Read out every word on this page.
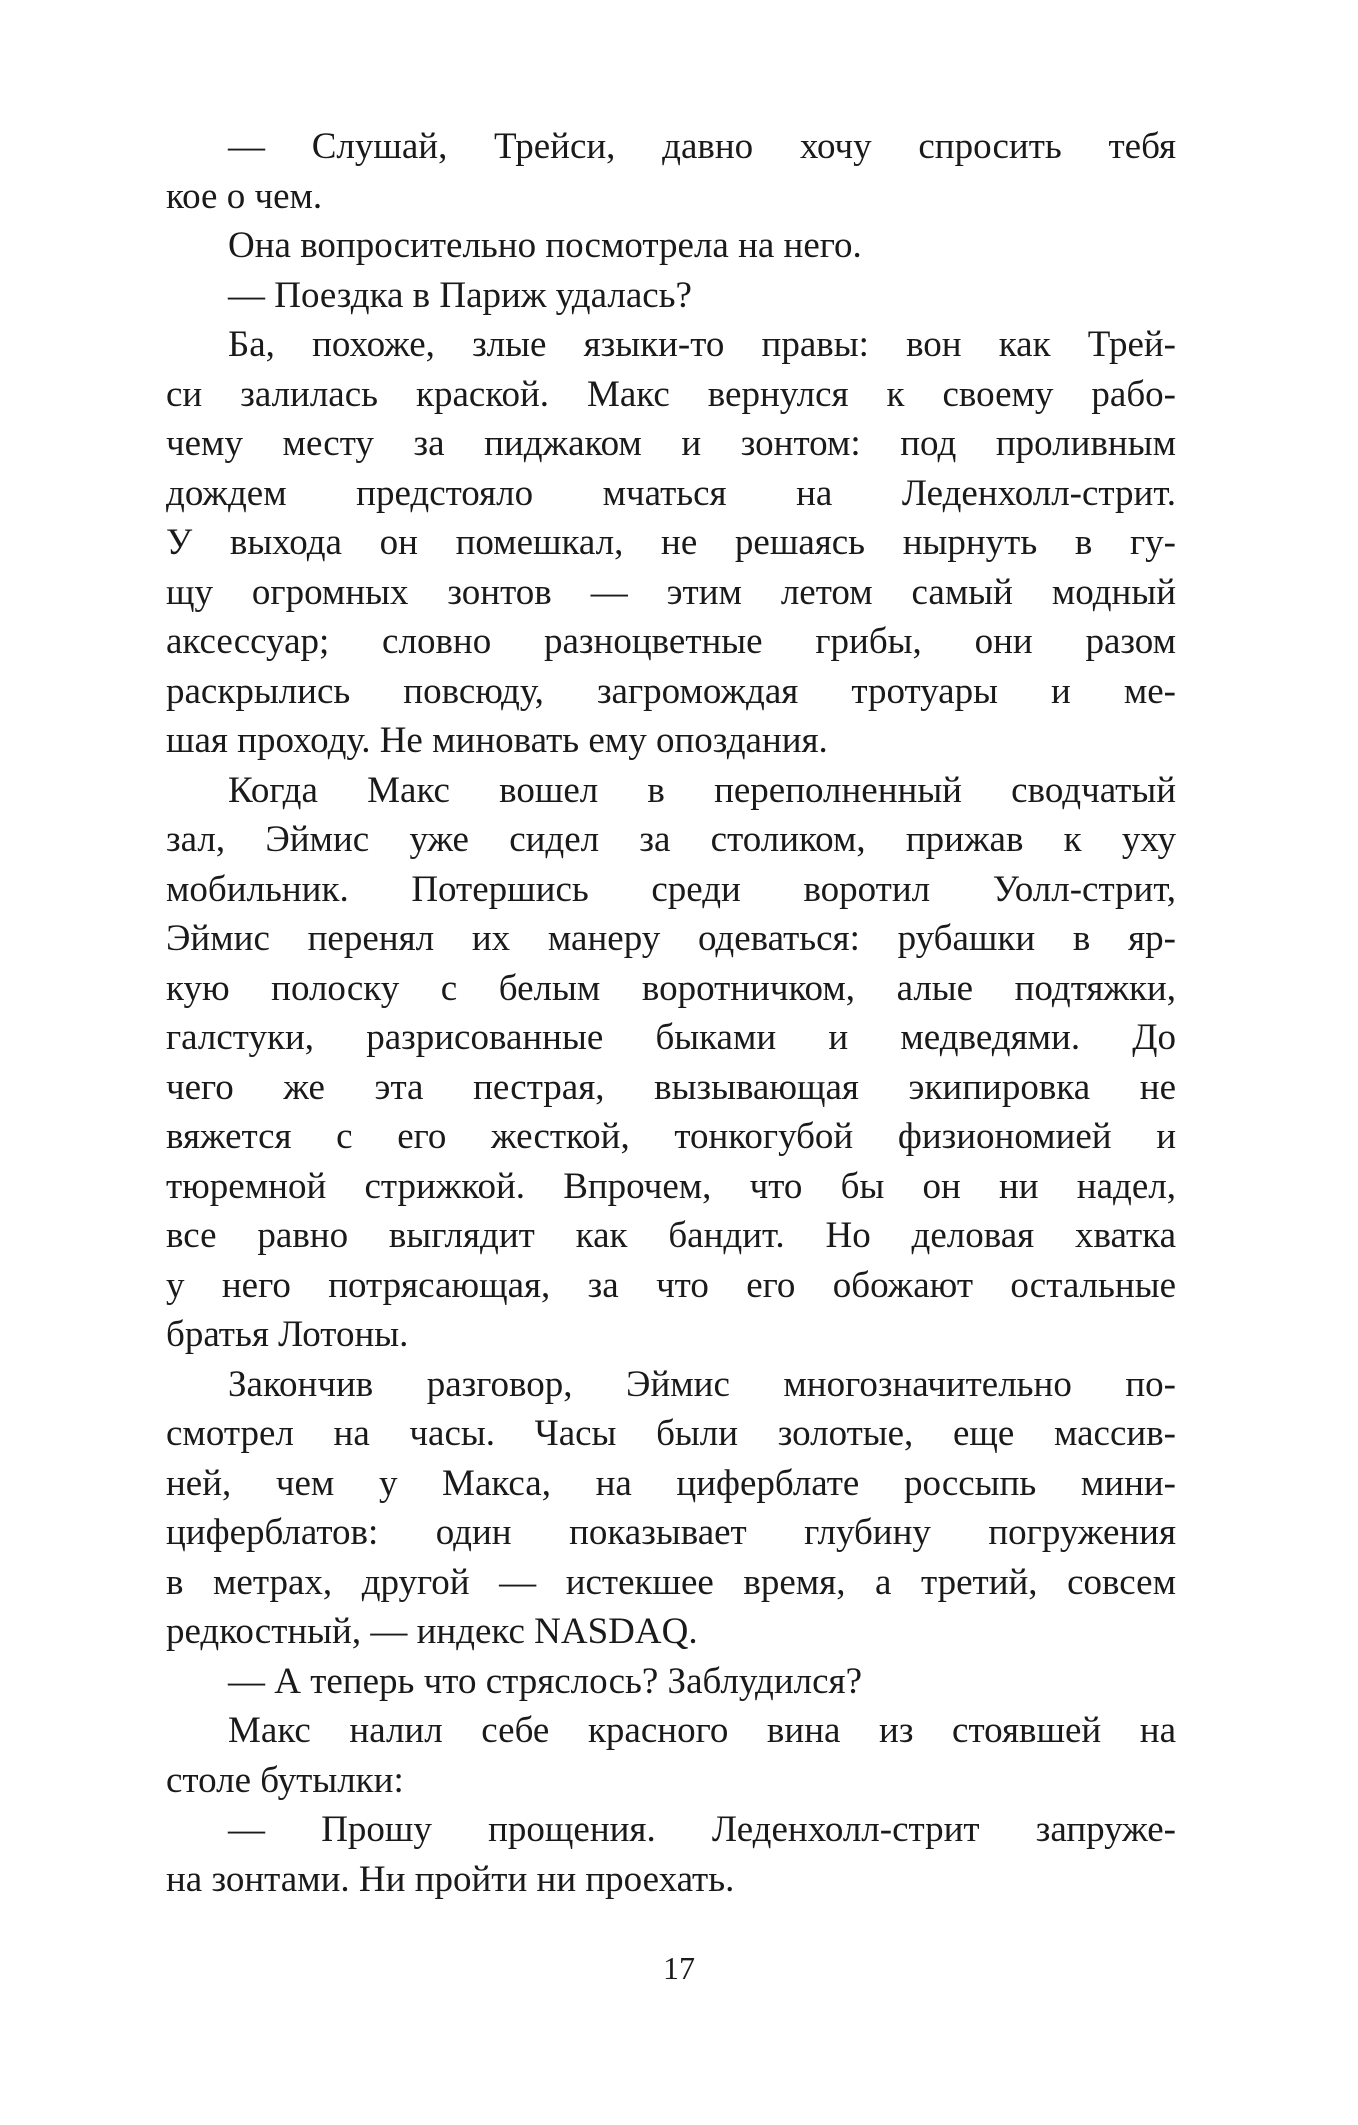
— Слушай, Трейси, давно хочу спросить тебя
кое о чем.
Она вопросительно посмотрела на него.
— Поездка в Париж удалась?
Ба, похоже, злые языки-то правы: вон как Трей-
си залилась краской. Макс вернулся к своему рабо-
чему месту за пиджаком и зонтом: под проливным
дождем предстояло мчаться на Леденхолл-стрит.
У выхода он помешкал, не решаясь нырнуть в гу-
щу огромных зонтов — этим летом самый модный
аксессуар; словно разноцветные грибы, они разом
раскрылись повсюду, загромождая тротуары и ме-
шая проходу. Не миновать ему опоздания.
Когда Макс вошел в переполненный сводчатый
зал, Эймис уже сидел за столиком, прижав к уху
мобильник. Потершись среди воротил Уолл-стрит,
Эймис перенял их манеру одеваться: рубашки в яр-
кую полоску с белым воротничком, алые подтяжки,
галстуки, разрисованные быками и медведями. До
чего же эта пестрая, вызывающая экипировка не
вяжется с его жесткой, тонкогубой физиономией и
тюремной стрижкой. Впрочем, что бы он ни надел,
все равно выглядит как бандит. Но деловая хватка
у него потрясающая, за что его обожают остальные
братья Лотоны.
Закончив разговор, Эймис многозначительно по-
смотрел на часы. Часы были золотые, еще массив-
ней, чем у Макса, на циферблате россыпь мини-
циферблатов: один показывает глубину погружения
в метрах, другой — истекшее время, а третий, совсем
редкостный, — индекс NASDAQ.
— А теперь что стряслось? Заблудился?
Макс налил себе красного вина из стоявшей на
столе бутылки:
— Прошу прощения. Леденхолл-стрит запруже-
на зонтами. Ни пройти ни проехать.
17
